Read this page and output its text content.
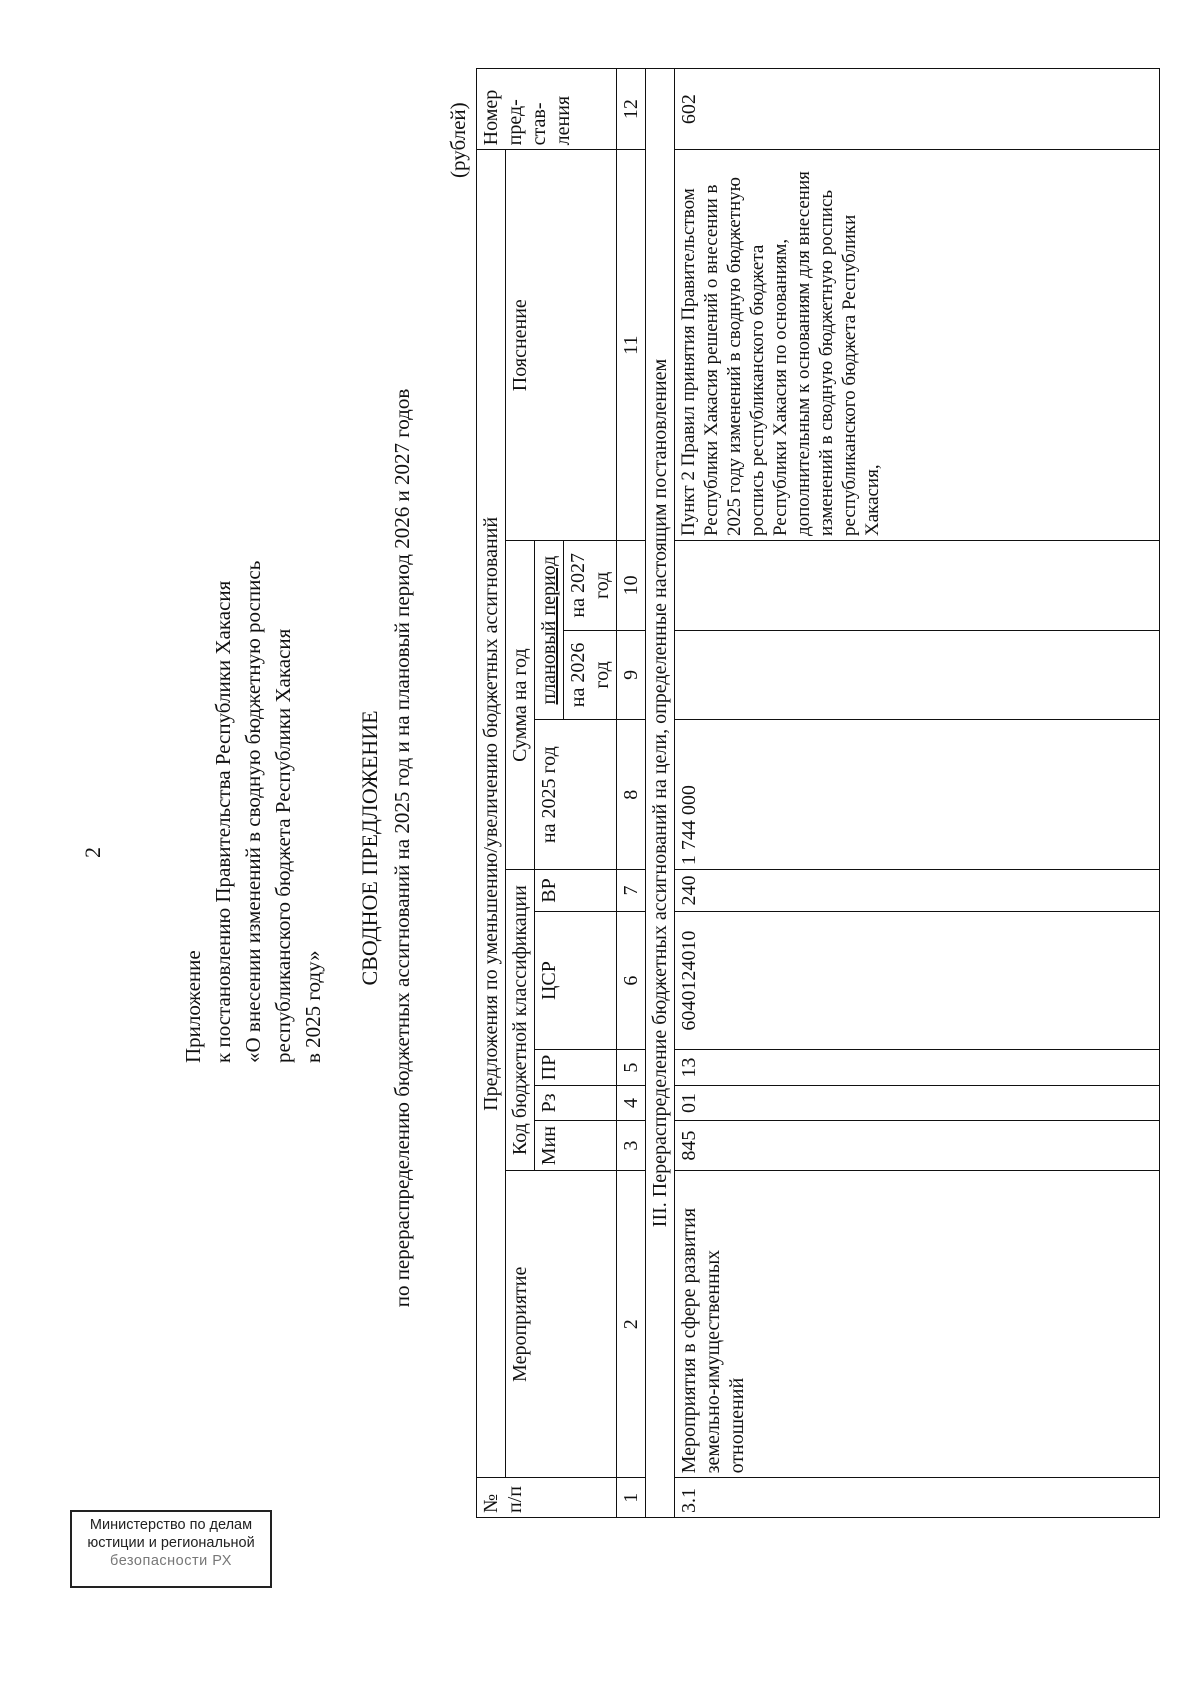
2
Приложение к постановлению Правительства Республики Хакасия «О внесении изменений в сводную бюджетную роспись республиканского бюджета Республики Хакасия в 2025 году»
СВОДНОЕ ПРЕДЛОЖЕНИЕ по перераспределению бюджетных ассигнований на 2025 год и на плановый период 2026 и 2027 годов
(рублей)
№ п/п	Предложения по уменьшению/увеличению бюджетных ассигнований										Номер пред-став-ления
	Мероприятие	Код бюджетной классификации					Сумма на год			Пояснение	
		Мин	Рз	ПР	ЦСР	ВР	на 2025 год	плановый период			
								на 2026 год	на 2027 год		
1	2	3	4	5	6	7	8	9	10	11	12
III. Перераспределение бюджетных ассигнований на цели, определенные настоящим постановлением											
3.1	Мероприятия в сфере развития земельно-имущественных отношений	845	01	13	6040124010	240	1 744 000			Пункт 2 Правил принятия Правительством Республики Хакасия решений о внесении в 2025 году изменений в сводную бюджетную роспись республиканского бюджета Республики Хакасия по основаниям, дополнительным к основаниям для внесения изменений в сводную бюджетную роспись республиканского бюджета Республики Хакасия,	602
Министерство по делам
юстиции и региональной
безопасности РХ
